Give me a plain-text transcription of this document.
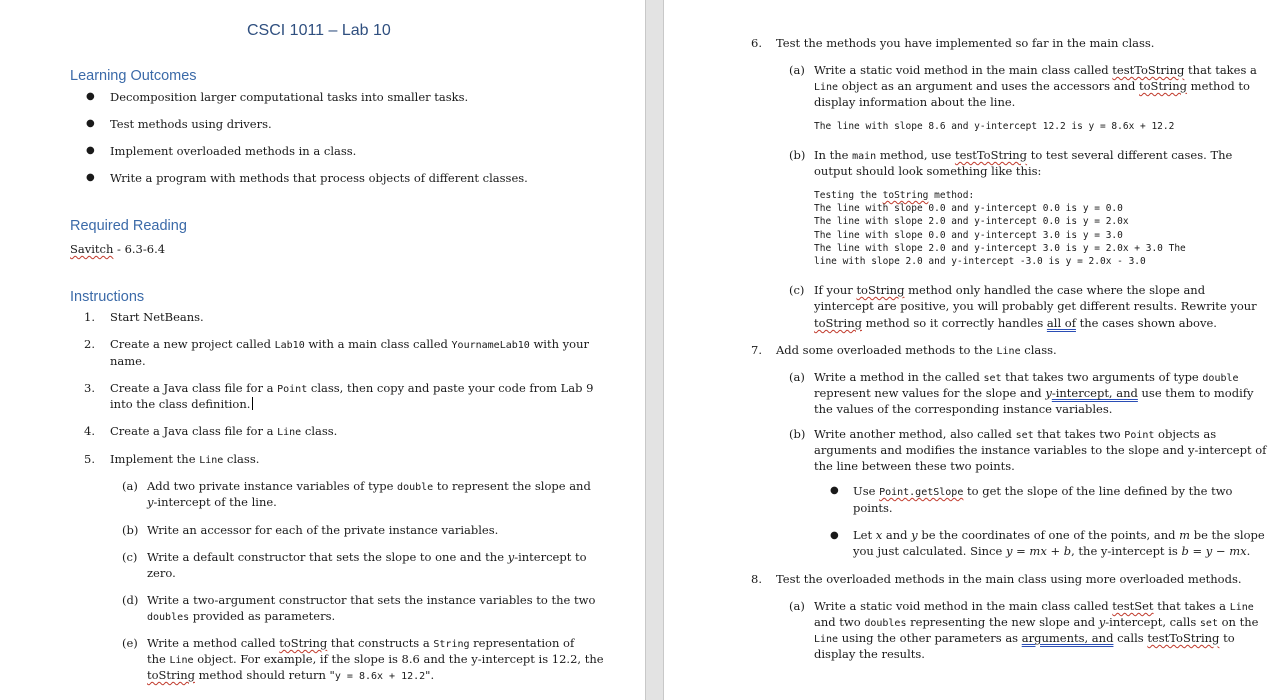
CSCI 1011 – Lab 10
Learning Outcomes
● Decomposition larger computational tasks into smaller tasks.
● Test methods using drivers.
● Implement overloaded methods in a class.
● Write a program with methods that process objects of different classes.
Required Reading
Savitch - 6.3-6.4
Instructions
1. Start NetBeans.
2. Create a new project called Lab10 with a main class called YournameLab10 with your
name.
3. Create a Java class file for a Point class, then copy and paste your code from Lab 9
into the class definition.
4. Create a Java class file for a Line class.
5. Implement the Line class.
(a) Add two private instance variables of type double to represent the slope and
y-intercept of the line.
(b) Write an accessor for each of the private instance variables.
(c) Write a default constructor that sets the slope to one and the y-intercept to
zero.
(d) Write a two-argument constructor that sets the instance variables to the two
doubles provided as parameters.
(e) Write a method called toString that constructs a String representation of
the Line object. For example, if the slope is 8.6 and the y-intercept is 12.2, the
toString method should return "y = 8.6x + 12.2".
6. Test the methods you have implemented so far in the main class.
(a) Write a static void method in the main class called testToString that takes a
Line object as an argument and uses the accessors and toString method to
display information about the line.
The line with slope 8.6 and y-intercept 12.2 is y = 8.6x + 12.2
(b) In the main method, use testToString to test several different cases. The
output should look something like this:
Testing the toString method:
The line with slope 0.0 and y-intercept 0.0 is y = 0.0
The line with slope 2.0 and y-intercept 0.0 is y = 2.0x
The line with slope 0.0 and y-intercept 3.0 is y = 3.0
The line with slope 2.0 and y-intercept 3.0 is y = 2.0x + 3.0 The
line with slope 2.0 and y-intercept -3.0 is y = 2.0x - 3.0
(c) If your toString method only handled the case where the slope and
yintercept are positive, you will probably get different results. Rewrite your
toString method so it correctly handles all of the cases shown above.
7. Add some overloaded methods to the Line class.
(a) Write a method in the called set that takes two arguments of type double
represent new values for the slope and y-intercept, and use them to modify
the values of the corresponding instance variables.
(b) Write another method, also called set that takes two Point objects as
arguments and modifies the instance variables to the slope and y-intercept of
the line between these two points.
● Use Point.getSlope to get the slope of the line defined by the two
points.
● Let x and y be the coordinates of one of the points, and m be the slope
you just calculated. Since y = mx + b, the y-intercept is b = y − mx.
8. Test the overloaded methods in the main class using more overloaded methods.
(a) Write a static void method in the main class called testSet that takes a Line
and two doubles representing the new slope and y-intercept, calls set on the
Line using the other parameters as arguments, and calls testToString to
display the results.
